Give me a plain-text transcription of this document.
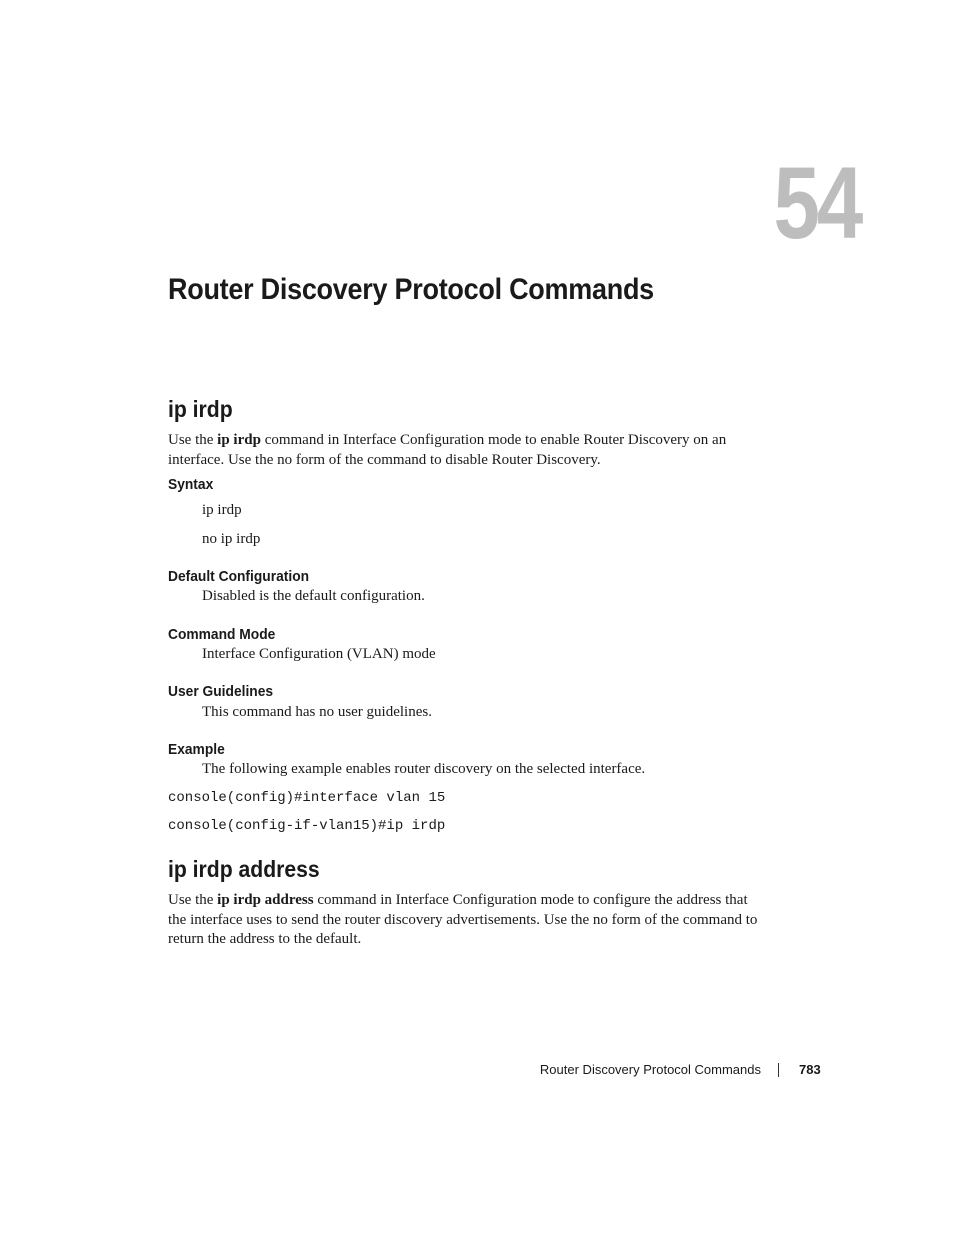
54
Router Discovery Protocol Commands
ip irdp
Use the ip irdp command in Interface Configuration mode to enable Router Discovery on an
interface. Use the no form of the command to disable Router Discovery.
Syntax
ip irdp
no ip irdp
Default Configuration
Disabled is the default configuration.
Command Mode
Interface Configuration (VLAN) mode
User Guidelines
This command has no user guidelines.
Example
The following example enables router discovery on the selected interface.
console(config)#interface vlan 15
console(config-if-vlan15)#ip irdp
ip irdp address
Use the ip irdp address command in Interface Configuration mode to configure the address that
the interface uses to send the router discovery advertisements. Use the no form of the command to
return the address to the default.
Router Discovery Protocol Commands	783
